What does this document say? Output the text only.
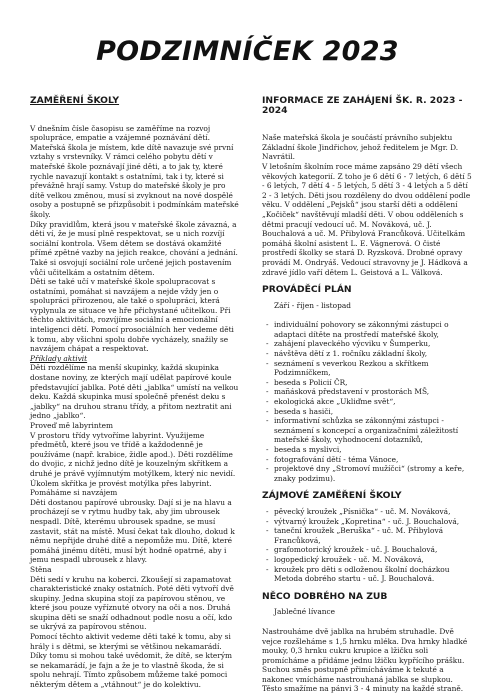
PODZIMNÍČEK 2023
ZAMĚŘENÍ ŠKOLY

V dnešním čísle časopisu se zaměříme na rozvoj spolupráce, empatie a vzájemné poznávání dětí.

Mateřská škola je místem, kde dítě navazuje své první vztahy s vrstevníky. V rámci celého pobytu dětí v mateřské škole poznávají jiné děti, a to jak ty, které rychle navazují kontakt s ostatními, tak i ty, které si převážně hrají samy. Vstup do mateřské školy je pro dítě velkou změnou, musí si zvyknout na nové dospělé osoby a postupně se přizpůsobit i podmínkám mateřské školy.

Díky pravidlům, která jsou v mateřské škole závazná, a děti ví, že je musí plně respektovat, se u nich rozvíjí sociální kontrola. Všem dětem se dostává okamžité přímé zpětné vazby na jejich reakce, chování a jednání. Také si osvojují sociální role určené jejich postavením vůči učitelkám a ostatním dětem.

Děti se také učí v mateřské škole spolupracovat s ostatními, pomáhat si navzájem a nejde vždy jen o spolupráci přirozenou, ale také o spolupráci, která vyplynula ze situace ve hře přichystané učitelkou. Při těchto aktivitách, rozvíjíme sociální a emocionální inteligenci dětí. Pomocí prosociálních her vedeme děti k tomu, aby všichni spolu dobře vycházely, snažily se navzájem chápat a respektovat.

Příklady aktivit

Děti rozdělíme na menší skupinky, každá skupinka dostane noviny, ze kterých mají udělat papírové koule představující jablka. Poté děti „jablka“ umístí na velkou deku. Každá skupinka musí společně přenést deku s „jablky“ na druhou stranu třídy, a přitom neztratit ani jedno „jablko“.

Proveď mě labyrintem

V prostoru třídy vytvoříme labyrint. Využijeme předmětů, které jsou ve třídě a každodenně je používáme (např. krabice, židle apod.). Děti rozdělíme do dvojic, z nichž jedno dítě je kouzelným skřítkem a druhé je právě vyjímnutým motýlkem, který nic nevidí. Úkolem skřítka je provést motýlka přes labyrint.

Pomáháme si navzájem

Děti dostanou papírové ubrousky. Dají si je na hlavu a procházejí se v rytmu hudby tak, aby jim ubrousek nespadl. Dítě, kterému ubrousek spadne, se musí zastavit, stát na místě. Musí čekat tak dlouho, dokud k němu nepřijde druhé dítě a nepomůže mu. Dítě, které pomáhá jinému dítěti, musí být hodně opatrné, aby i jemu nespadl ubrousek z hlavy.

Stěna

Děti sedí v kruhu na koberci. Zkoušejí si zapamatovat charakteristické znaky ostatních. Poté děti vytvoří dvě skupiny. Jedna skupina stojí za papírovou stěnou, ve které jsou pouze vyříznuté otvory na oči a nos. Druhá skupina děti se snaží odhadnout podle nosu a očí, kdo se ukrývá za papírovou stěnou.

Pomocí těchto aktivit vedeme děti také k tomu, aby si hrály i s dětmi, se kterými se většinou nekamarádí. Díky tomu si mohou také uvědomit, že dítě, se kterým se nekamarádí, je fajn a že je to vlastně škoda, že si spolu nehrají. Tímto způsobem můžeme také pomoci některým dětem a „vtáhnout“ je do kolektivu.

INFORMACE ZE ZAHÁJENÍ ŠK. R. 2023 - 2024

Naše mateřská škola je součástí právního subjektu Základní škole Jindřichov, jehož ředitelem je Mgr. D. Navrátil.

V letošním školním roce máme zapsáno 29 dětí všech věkových kategorií. Z toho je 6 dětí 6 - 7 letých, 6 dětí 5 - 6 letých, 7 dětí 4 - 5 letých, 5 dětí 3 - 4 letých a 5 dětí 2 - 3 letých. Děti jsou rozděleny do dvou oddělení podle věku. V oddělení „Pejsků“ jsou starší děti a oddělení „Kočiček“ navštěvují mladší děti. V obou odděleních s dětmi pracují vedoucí uč. M. Nováková, uč. J. Bouchalová a uč. M. Přibylová Francůková. Učitelkám pomáhá školní asistent L. E. Vágnerová. O čisté prostředí školky se stará D. Ryzsková. Drobné opravy provádí M. Ondryáš. Vedoucí stravovny je J. Hádková a zdravé jídlo vaří dětem L. Geistová a L. Válková.

PROVÁDĚCÍ PLÁN

Září - říjen - listopad

- individuální pohovory se zákonnými zástupci o adaptaci dítěte na prostředí mateřské školy,
- zahájení plaveckého výcviku v Šumperku,
- návštěva dětí z 1. ročníku základní školy,
- seznámení s veverkou Rezkou a skřítkem Podzimníčkem,
- beseda s Policií ČR,
- mañásková představení v prostorách MŠ,
- ekologická akce „Ukliďme svět“,
- beseda s hasiči,
- informativní schůzka se zákonnými zástupci - seznámení s koncepcí a organizačními záležitostí mateřské školy, vyhodnocení dotazníků,
- beseda s myslivci,
- fotografování dětí - téma Vánoce,
- projektové dny „Stromoví mužíčci“ (stromy a keře, znaky podzimu).
ZÁJMOVÉ ZAMĚŘENÍ ŠKOLY
- pěvecký kroužek „Písnička“ - uč. M. Nováková,
- výtvarný kroužek „Kopretina“ - uč. J. Bouchalová,
- taneční kroužek „Beruška“ - uč. M. Přibylová Francůková,
- grafomotorický kroužek - uč. J. Bouchalová,
- logopedický kroužek - uč. M. Nováková,
- kroužek pro děti s odloženou školní docházkou Metoda dobrého startu - uč. J. Bouchalová.
NĚCO DOBRÉHO NA ZUB

Jablečné lívance

Nastrouháme dvě jablka na hrubém struhadle. Dvě vejce rozšleháme s 1,5 hrnku mléka. Dva hrnky hladké mouky, 0,3 hrnku cukru krupice a lžičku soli promícháme a přidáme jednu lžičku kypřícího prášku. Suchou směs postupně přimícháváme k tekuté a nakonec vmícháme nastrouhaná jablka se slupkou. Těsto smažíme na pánvi 3 - 4 minuty na každé straně.
